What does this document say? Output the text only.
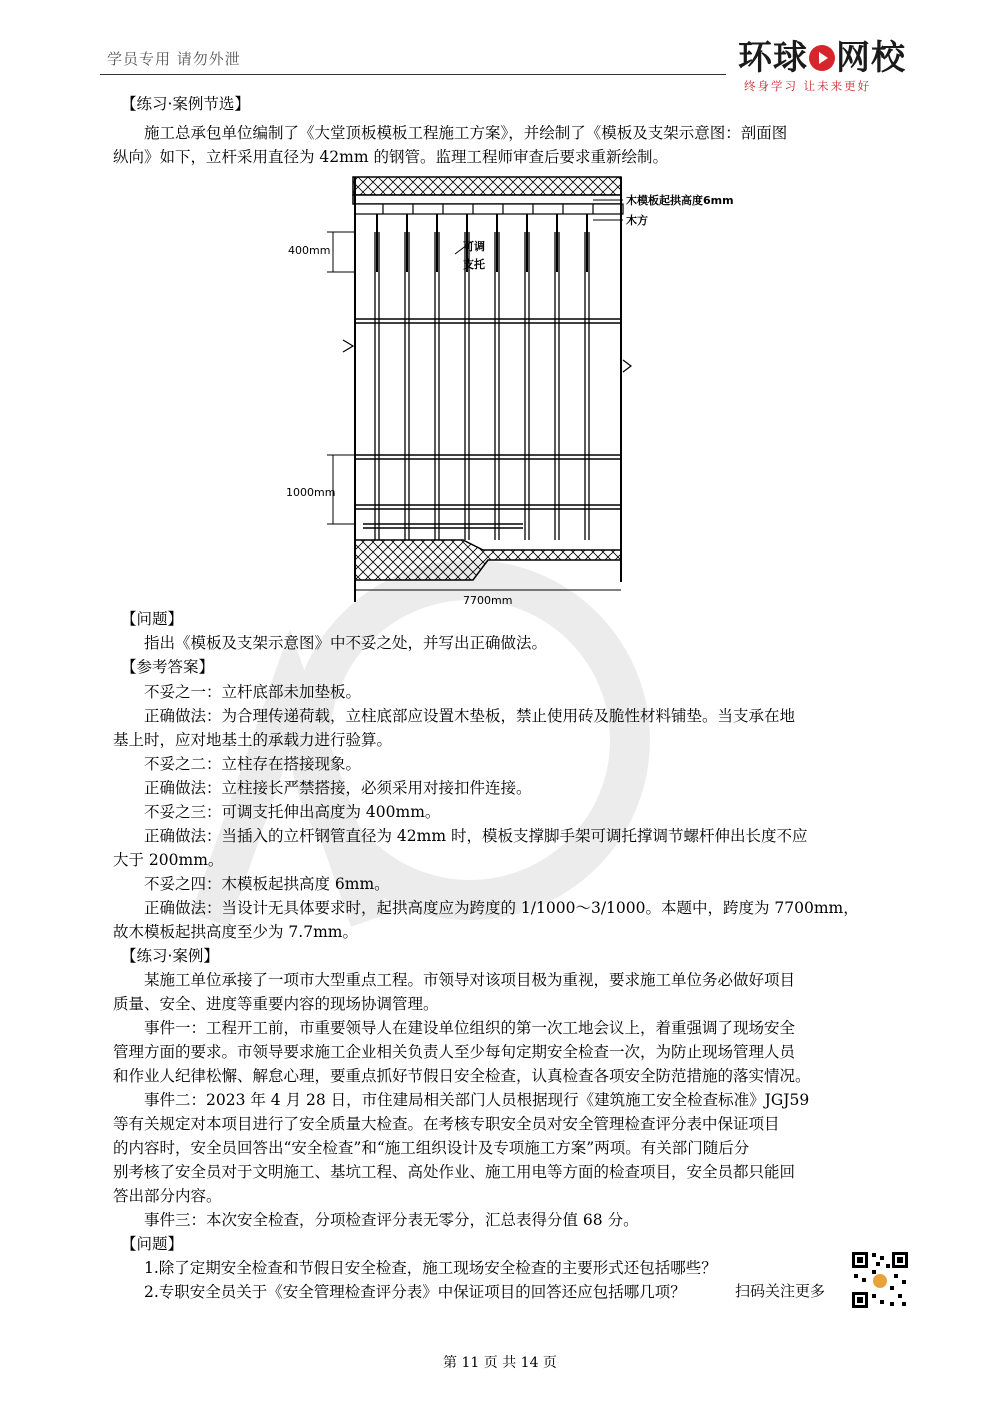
学员专用 请勿外泄	环球 网校
终身学习 让未来更好
【练习·案例节选】
施工总承包单位编制了《大堂顶板模板工程施工方案》，并绘制了《模板及支架示意图：剖面图
纵向》如下，立杆采用直径为 42mm 的钢管。监理工程师审查后要求重新绘制。
木模板起拱高度6mm
木方
可调
支托
400mm
1000mm
7700mm
【问题】
指出《模板及支架示意图》中不妥之处，并写出正确做法。
【参考答案】
不妥之一：立杆底部未加垫板。
正确做法：为合理传递荷载，立柱底部应设置木垫板，禁止使用砖及脆性材料铺垫。当支承在地
基上时，应对地基土的承载力进行验算。
不妥之二：立柱存在搭接现象。
正确做法：立柱接长严禁搭接，必须采用对接扣件连接。
不妥之三：可调支托伸出高度为 400mm。
正确做法：当插入的立杆钢管直径为 42mm 时，模板支撑脚手架可调托撑调节螺杆伸出长度不应
大于 200mm。
不妥之四：木模板起拱高度 6mm。
正确做法：当设计无具体要求时，起拱高度应为跨度的 1/1000～3/1000。本题中，跨度为 7700mm，
故木模板起拱高度至少为 7.7mm。
【练习·案例】
某施工单位承接了一项市大型重点工程。市领导对该项目极为重视，要求施工单位务必做好项目
质量、安全、进度等重要内容的现场协调管理。
事件一：工程开工前，市重要领导人在建设单位组织的第一次工地会议上，着重强调了现场安全
管理方面的要求。市领导要求施工企业相关负责人至少每旬定期安全检查一次，为防止现场管理人员
和作业人纪律松懈、解怠心理，要重点抓好节假日安全检查，认真检查各项安全防范措施的落实情况。
事件二：2023 年 4 月 28 日，市住建局相关部门人员根据现行《建筑施工安全检查标准》JGJ59
等有关规定对本项目进行了安全质量大检查。在考核专职安全员对安全管理检查评分表中保证项目
的内容时，安全员回答出“安全检查”和“施工组织设计及专项施工方案”两项。有关部门随后分
别考核了安全员对于文明施工、基坑工程、高处作业、施工用电等方面的检查项目，安全员都只能回
答出部分内容。
事件三：本次安全检查，分项检查评分表无零分，汇总表得分值 68 分。
【问题】
1.除了定期安全检查和节假日安全检查，施工现场安全检查的主要形式还包括哪些？
2.专职安全员关于《安全管理检查评分表》中保证项目的回答还应包括哪几项？	扫码关注更多
第 11 页 共 14 页
